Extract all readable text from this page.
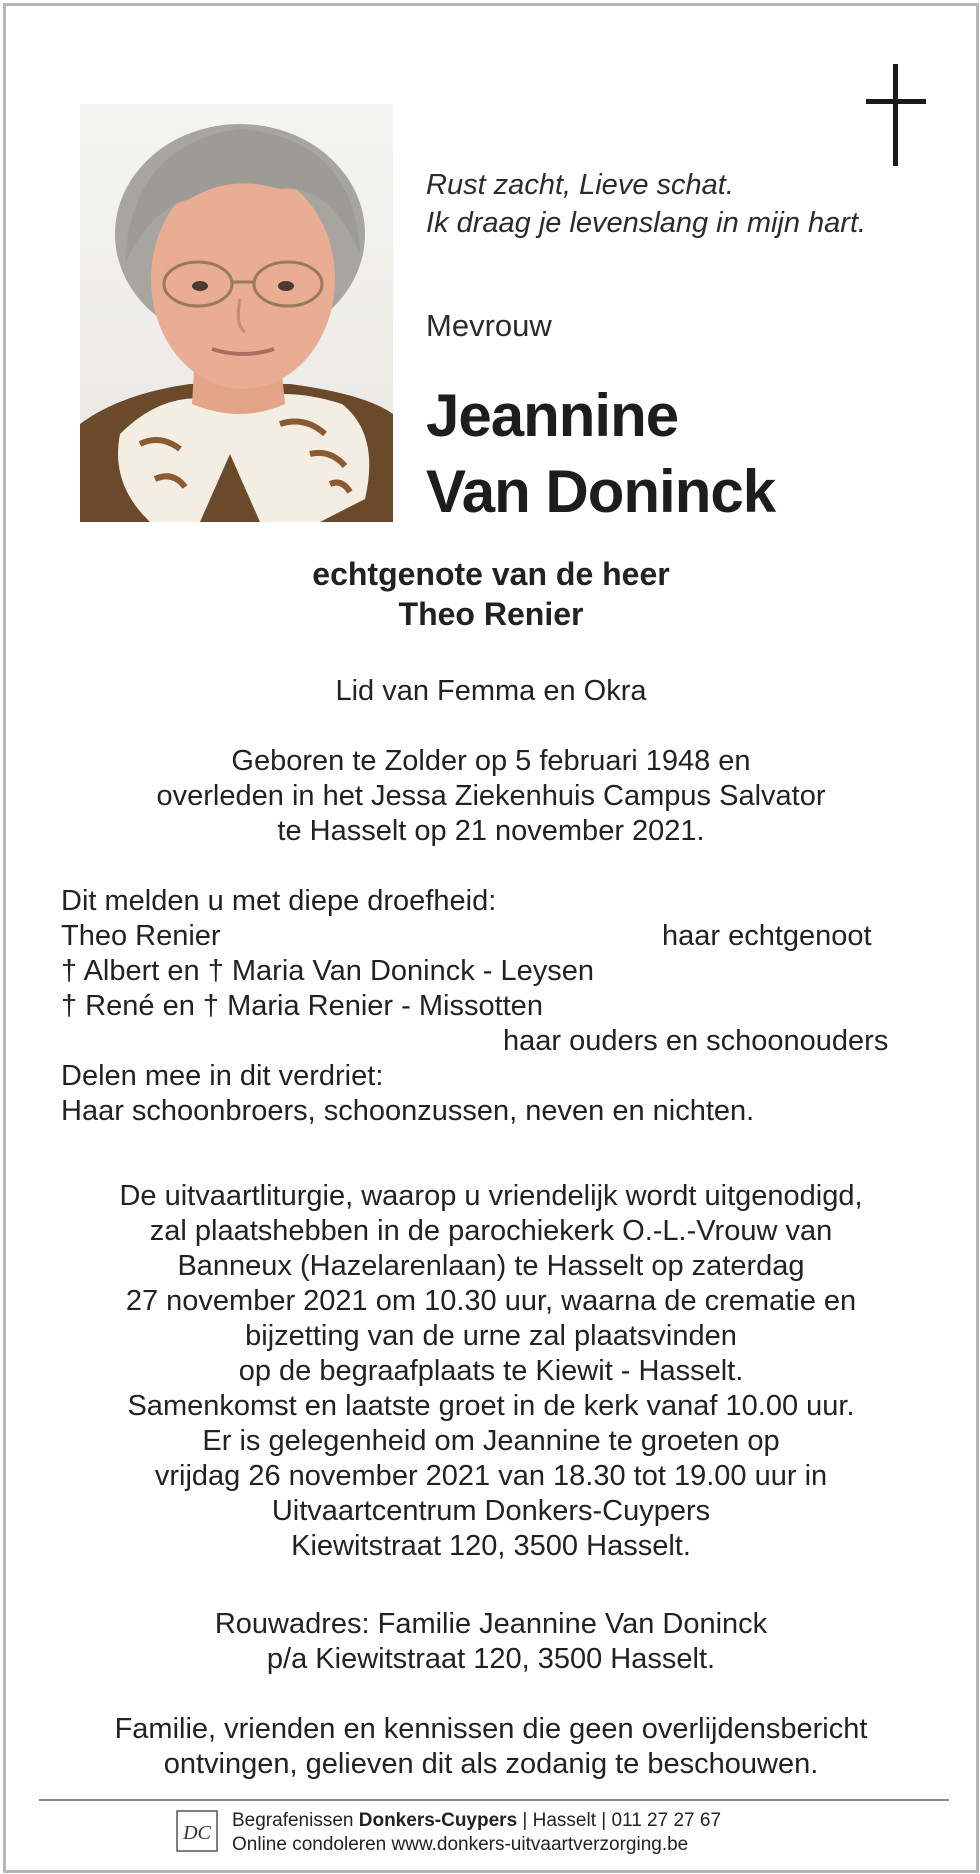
Rust zacht, Lieve schat.
Ik draag je levenslang in mijn hart.
Mevrouw
Jeannine
Van Doninck
echtgenote van de heer
Theo Renier
Lid van Femma en Okra
Geboren te Zolder op 5 februari 1948 en
overleden in het Jessa Ziekenhuis Campus Salvator
te Hasselt op 21 november 2021.
Dit melden u met diepe droefheid:
Theo Renier	haar echtgenoot
† Albert en † Maria Van Doninck - Leysen
† René en † Maria Renier - Missotten
haar ouders en schoonouders
Delen mee in dit verdriet:
Haar schoonbroers, schoonzussen, neven en nichten.
De uitvaartliturgie, waarop u vriendelijk wordt uitgenodigd,
zal plaatshebben in de parochiekerk O.-L.-Vrouw van
Banneux (Hazelarenlaan) te Hasselt op zaterdag
27 november 2021 om 10.30 uur, waarna de crematie en
bijzetting van de urne zal plaatsvinden
op de begraafplaats te Kiewit - Hasselt.
Samenkomst en laatste groet in de kerk vanaf 10.00 uur.
Er is gelegenheid om Jeannine te groeten op
vrijdag 26 november 2021 van 18.30 tot 19.00 uur in
Uitvaartcentrum Donkers-Cuypers
Kiewitstraat 120, 3500 Hasselt.
Rouwadres: Familie Jeannine Van Doninck
p/a Kiewitstraat 120, 3500 Hasselt.
Familie, vrienden en kennissen die geen overlijdensbericht
ontvingen, gelieven dit als zodanig te beschouwen.
DC
Begrafenissen Donkers-Cuypers | Hasselt | 011 27 27 67
Online condoleren www.donkers-uitvaartverzorging.be
